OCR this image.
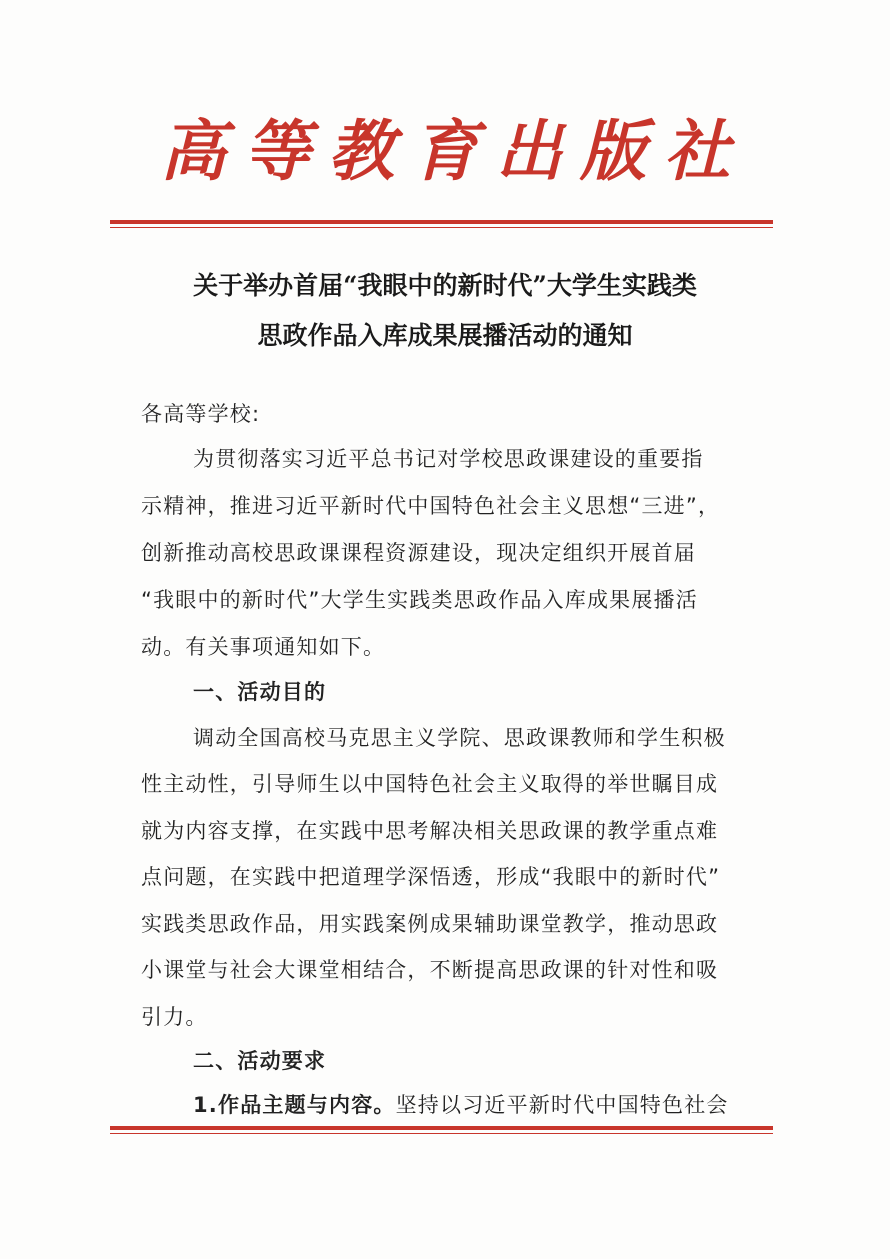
高等教育出版社
关于举办首届“我眼中的新时代”大学生实践类
思政作品入库成果展播活动的通知
各高等学校:
为贯彻落实习近平总书记对学校思政课建设的重要指
示精神，推进习近平新时代中国特色社会主义思想“三进”，
创新推动高校思政课课程资源建设，现决定组织开展首届
“我眼中的新时代”大学生实践类思政作品入库成果展播活
动。有关事项通知如下。
一、活动目的
调动全国高校马克思主义学院、思政课教师和学生积极
性主动性，引导师生以中国特色社会主义取得的举世瞩目成
就为内容支撑，在实践中思考解决相关思政课的教学重点难
点问题，在实践中把道理学深悟透，形成“我眼中的新时代”
实践类思政作品，用实践案例成果辅助课堂教学，推动思政
小课堂与社会大课堂相结合，不断提高思政课的针对性和吸
引力。
二、活动要求
1.作品主题与内容。坚持以习近平新时代中国特色社会
